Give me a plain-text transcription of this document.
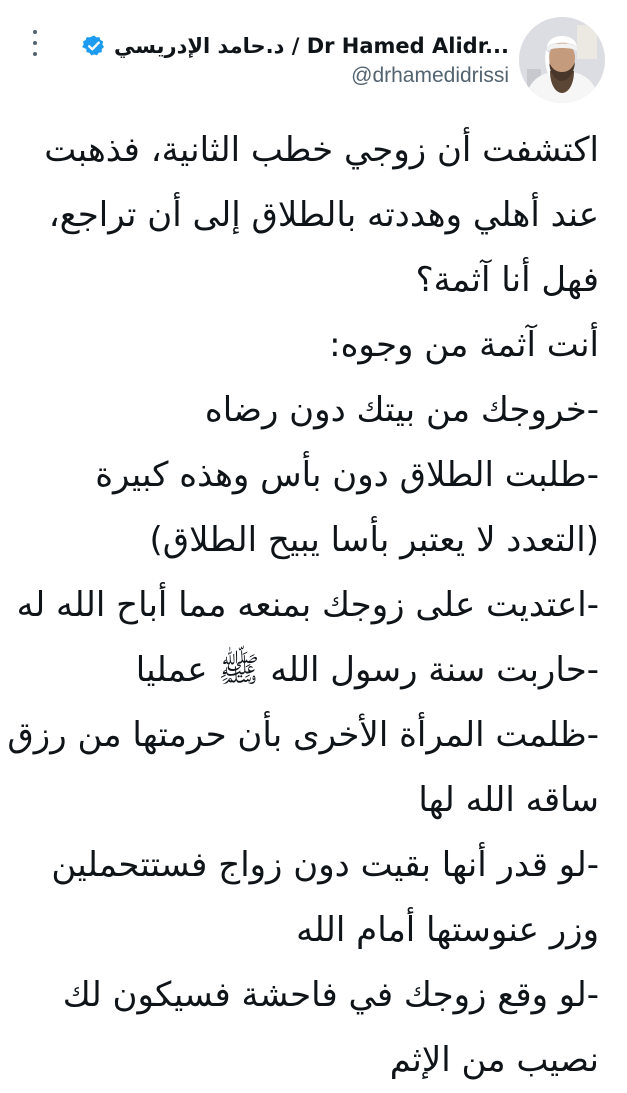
د.حامد الإدريسي / Dr Hamed Alidr...
@drhamedidrissi
اكتشفت أن زوجي خطب الثانية، فذهبت
عند أهلي وهددته بالطلاق إلى أن تراجع،
فهل أنا آثمة؟
أنت آثمة من وجوه:
-خروجك من بيتك دون رضاه
-طلبت الطلاق دون بأس وهذه كبيرة
(التعدد لا يعتبر بأسا يبيح الطلاق)
-اعتديت على زوجك بمنعه مما أباح الله له
-حاربت سنة رسول الله ﷺ عمليا
-ظلمت المرأة الأخرى بأن حرمتها من رزق
ساقه الله لها
-لو قدر أنها بقيت دون زواج فستتحملين
وزر عنوستها أمام الله
-لو وقع زوجك في فاحشة فسيكون لك
نصيب من الإثم
